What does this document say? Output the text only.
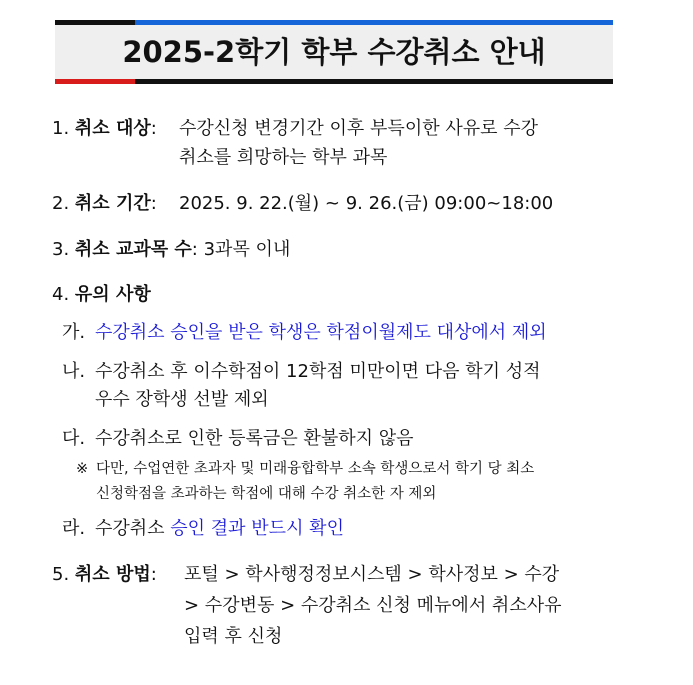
2025-2학기 학부 수강취소 안내
1. 취소 대상: 수강신청 변경기간 이후 부득이한 사유로 수강
취소를 희망하는 학부 과목
2. 취소 기간: 2025. 9. 22.(월) ~ 9. 26.(금) 09:00~18:00
3. 취소 교과목 수: 3과목 이내
4. 유의 사항
가. 수강취소 승인을 받은 학생은 학점이월제도 대상에서 제외
나. 수강취소 후 이수학점이 12학점 미만이면 다음 학기 성적
우수 장학생 선발 제외
다. 수강취소로 인한 등록금은 환불하지 않음
※ 다만, 수업연한 초과자 및 미래융합학부 소속 학생으로서 학기 당 최소
신청학점을 초과하는 학점에 대해 수강 취소한 자 제외
라. 수강취소 승인 결과 반드시 확인
5. 취소 방법: 포털 > 학사행정정보시스템 > 학사정보 > 수강
> 수강변동 > 수강취소 신청 메뉴에서 취소사유
입력 후 신청
